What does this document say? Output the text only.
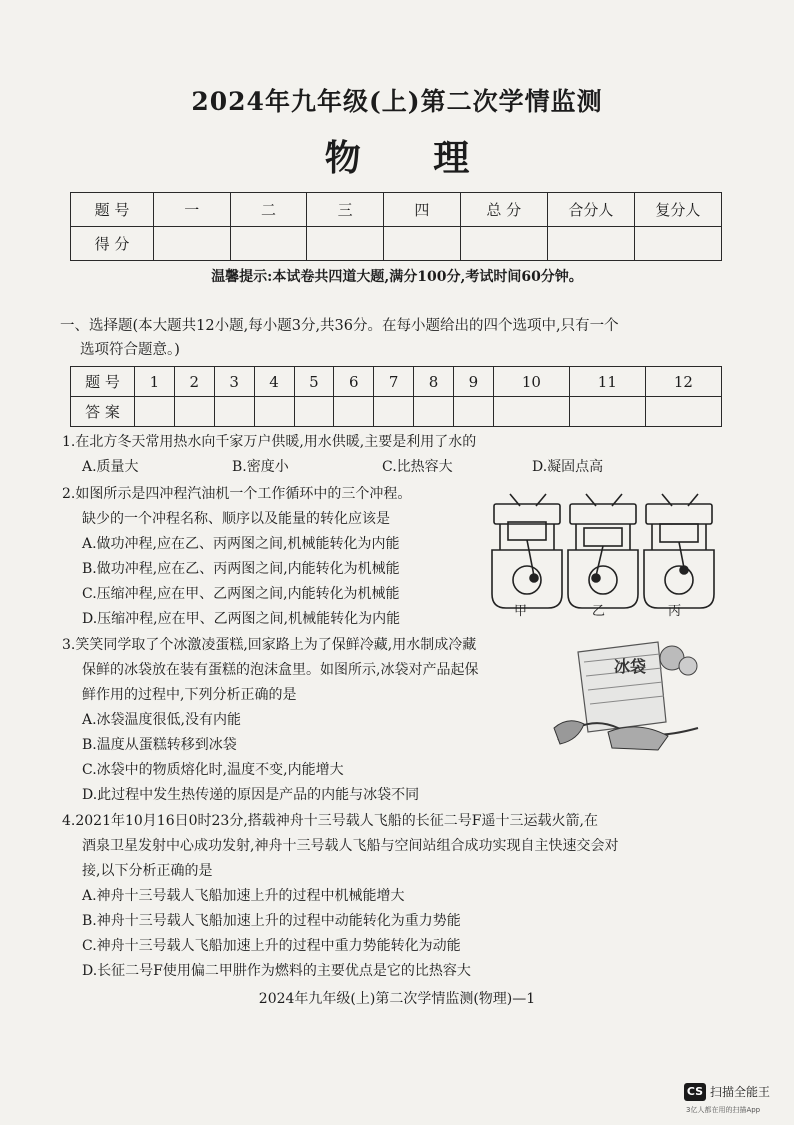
2024年九年级(上)第二次学情监测
物 理
题 号	一	二	三	四	总 分	合分人	复分人
得 分							
温馨提示:本试卷共四道大题,满分100分,考试时间60分钟。

一、选择题(本大题共12小题,每小题3分,共36分。在每小题给出的四个选项中,只有一个

选项符合题意。)

题 号	1	2	3	4	5	6	7	8	9	10	11	12
答 案												

1.在北方冬天常用热水向千家万户供暖,用水供暖,主要是利用了水的

A.质量大	B.密度小	C.比热容大	D.凝固点高

2.如图所示是四冲程汽油机一个工作循环中的三个冲程。

缺少的一个冲程名称、顺序以及能量的转化应该是

A.做功冲程,应在乙、丙两图之间,机械能转化为内能

B.做功冲程,应在乙、丙两图之间,内能转化为机械能

C.压缩冲程,应在甲、乙两图之间,内能转化为机械能

D.压缩冲程,应在甲、乙两图之间,机械能转化为内能	甲	乙	丙

3.笑笑同学取了个冰激凌蛋糕,回家路上为了保鲜冷藏,用水制成冷藏

保鲜的冰袋放在装有蛋糕的泡沫盒里。如图所示,冰袋对产品起保

鲜作用的过程中,下列分析正确的是

A.冰袋温度很低,没有内能

B.温度从蛋糕转移到冰袋

C.冰袋中的物质熔化时,温度不变,内能增大

D.此过程中发生热传递的原因是产品的内能与冰袋不同

冰袋

4.2021年10月16日0时23分,搭载神舟十三号载人飞船的长征二号F遥十三运载火箭,在

酒泉卫星发射中心成功发射,神舟十三号载人飞船与空间站组合成功实现自主快速交会对

接,以下分析正确的是

A.神舟十三号载人飞船加速上升的过程中机械能增大

B.神舟十三号载人飞船加速上升的过程中动能转化为重力势能

C.神舟十三号载人飞船加速上升的过程中重力势能转化为动能

D.长征二号F使用偏二甲肼作为燃料的主要优点是它的比热容大

2024年九年级(上)第二次学情监测(物理)—1
CS 扫描全能王
3亿人都在用的扫描App
